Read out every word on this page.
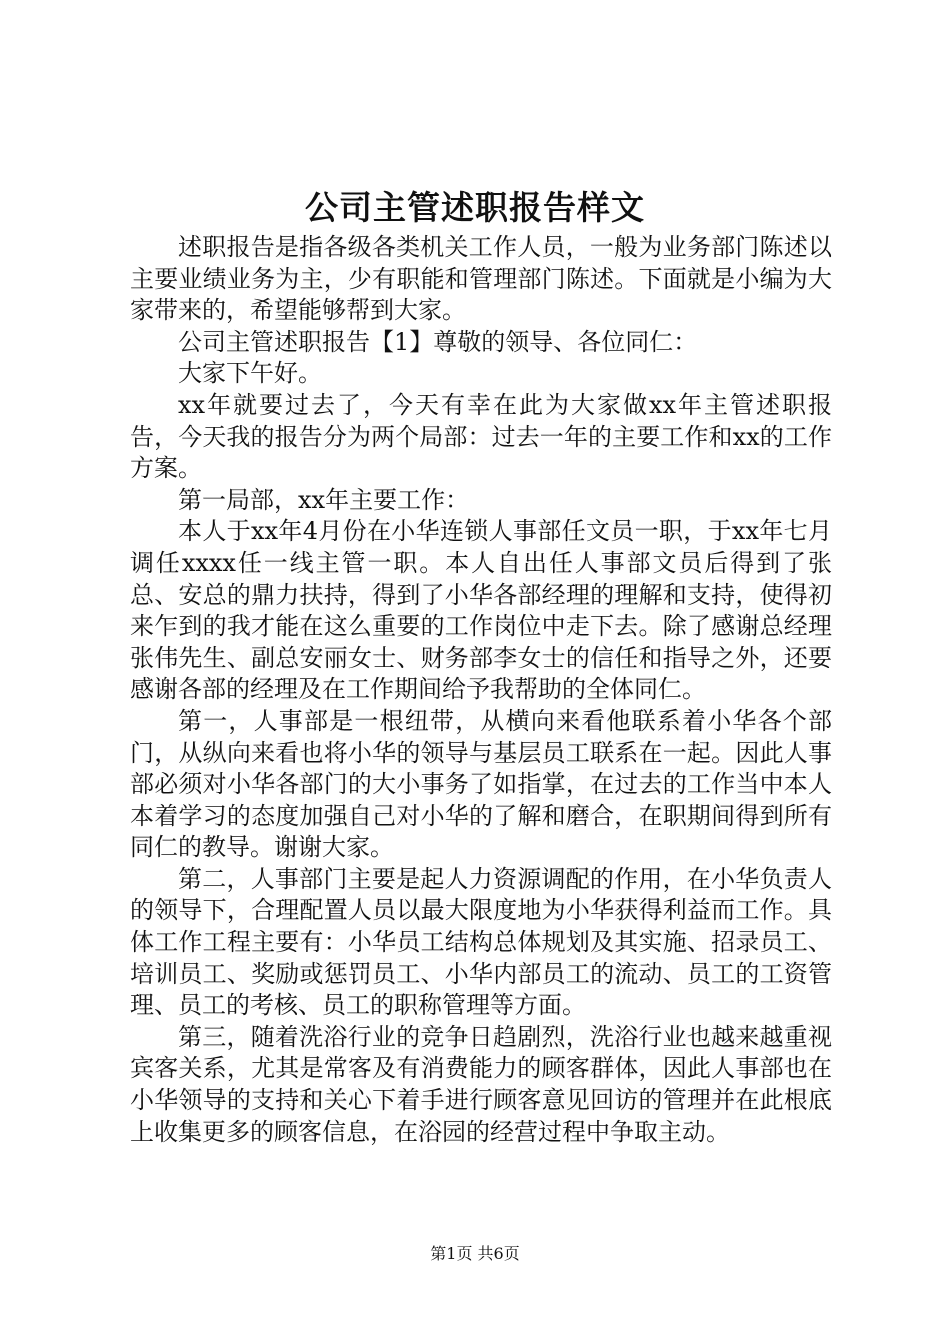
公司主管述职报告样文

述职报告是指各级各类机关工作人员，一般为业务部门陈述以主要业绩业务为主，少有职能和管理部门陈述。下面就是小编为大家带来的，希望能够帮到大家。

公司主管述职报告【1】尊敬的领导、各位同仁：

大家下午好。

xx年就要过去了，今天有幸在此为大家做xx年主管述职报告，今天我的报告分为两个局部：过去一年的主要工作和xx的工作方案。

第一局部，xx年主要工作：

本人于xx年4月份在小华连锁人事部任文员一职，于xx年七月调任xxxx任一线主管一职。本人自出任人事部文员后得到了张总、安总的鼎力扶持，得到了小华各部经理的理解和支持，使得初来乍到的我才能在这么重要的工作岗位中走下去。除了感谢总经理张伟先生、副总安丽女士、财务部李女士的信任和指导之外，还要感谢各部的经理及在工作期间给予我帮助的全体同仁。

第一，人事部是一根纽带，从横向来看他联系着小华各个部门，从纵向来看也将小华的领导与基层员工联系在一起。因此人事部必须对小华各部门的大小事务了如指掌，在过去的工作当中本人本着学习的态度加强自己对小华的了解和磨合，在职期间得到所有同仁的教导。谢谢大家。

第二，人事部门主要是起人力资源调配的作用，在小华负责人的领导下，合理配置人员以最大限度地为小华获得利益而工作。具体工作工程主要有：小华员工结构总体规划及其实施、招录员工、培训员工、奖励或惩罚员工、小华内部员工的流动、员工的工资管理、员工的考核、员工的职称管理等方面。

第三，随着洗浴行业的竞争日趋剧烈，洗浴行业也越来越重视宾客关系，尤其是常客及有消费能力的顾客群体，因此人事部也在小华领导的支持和关心下着手进行顾客意见回访的管理并在此根底上收集更多的顾客信息，在浴园的经营过程中争取主动。

第1页 共6页
